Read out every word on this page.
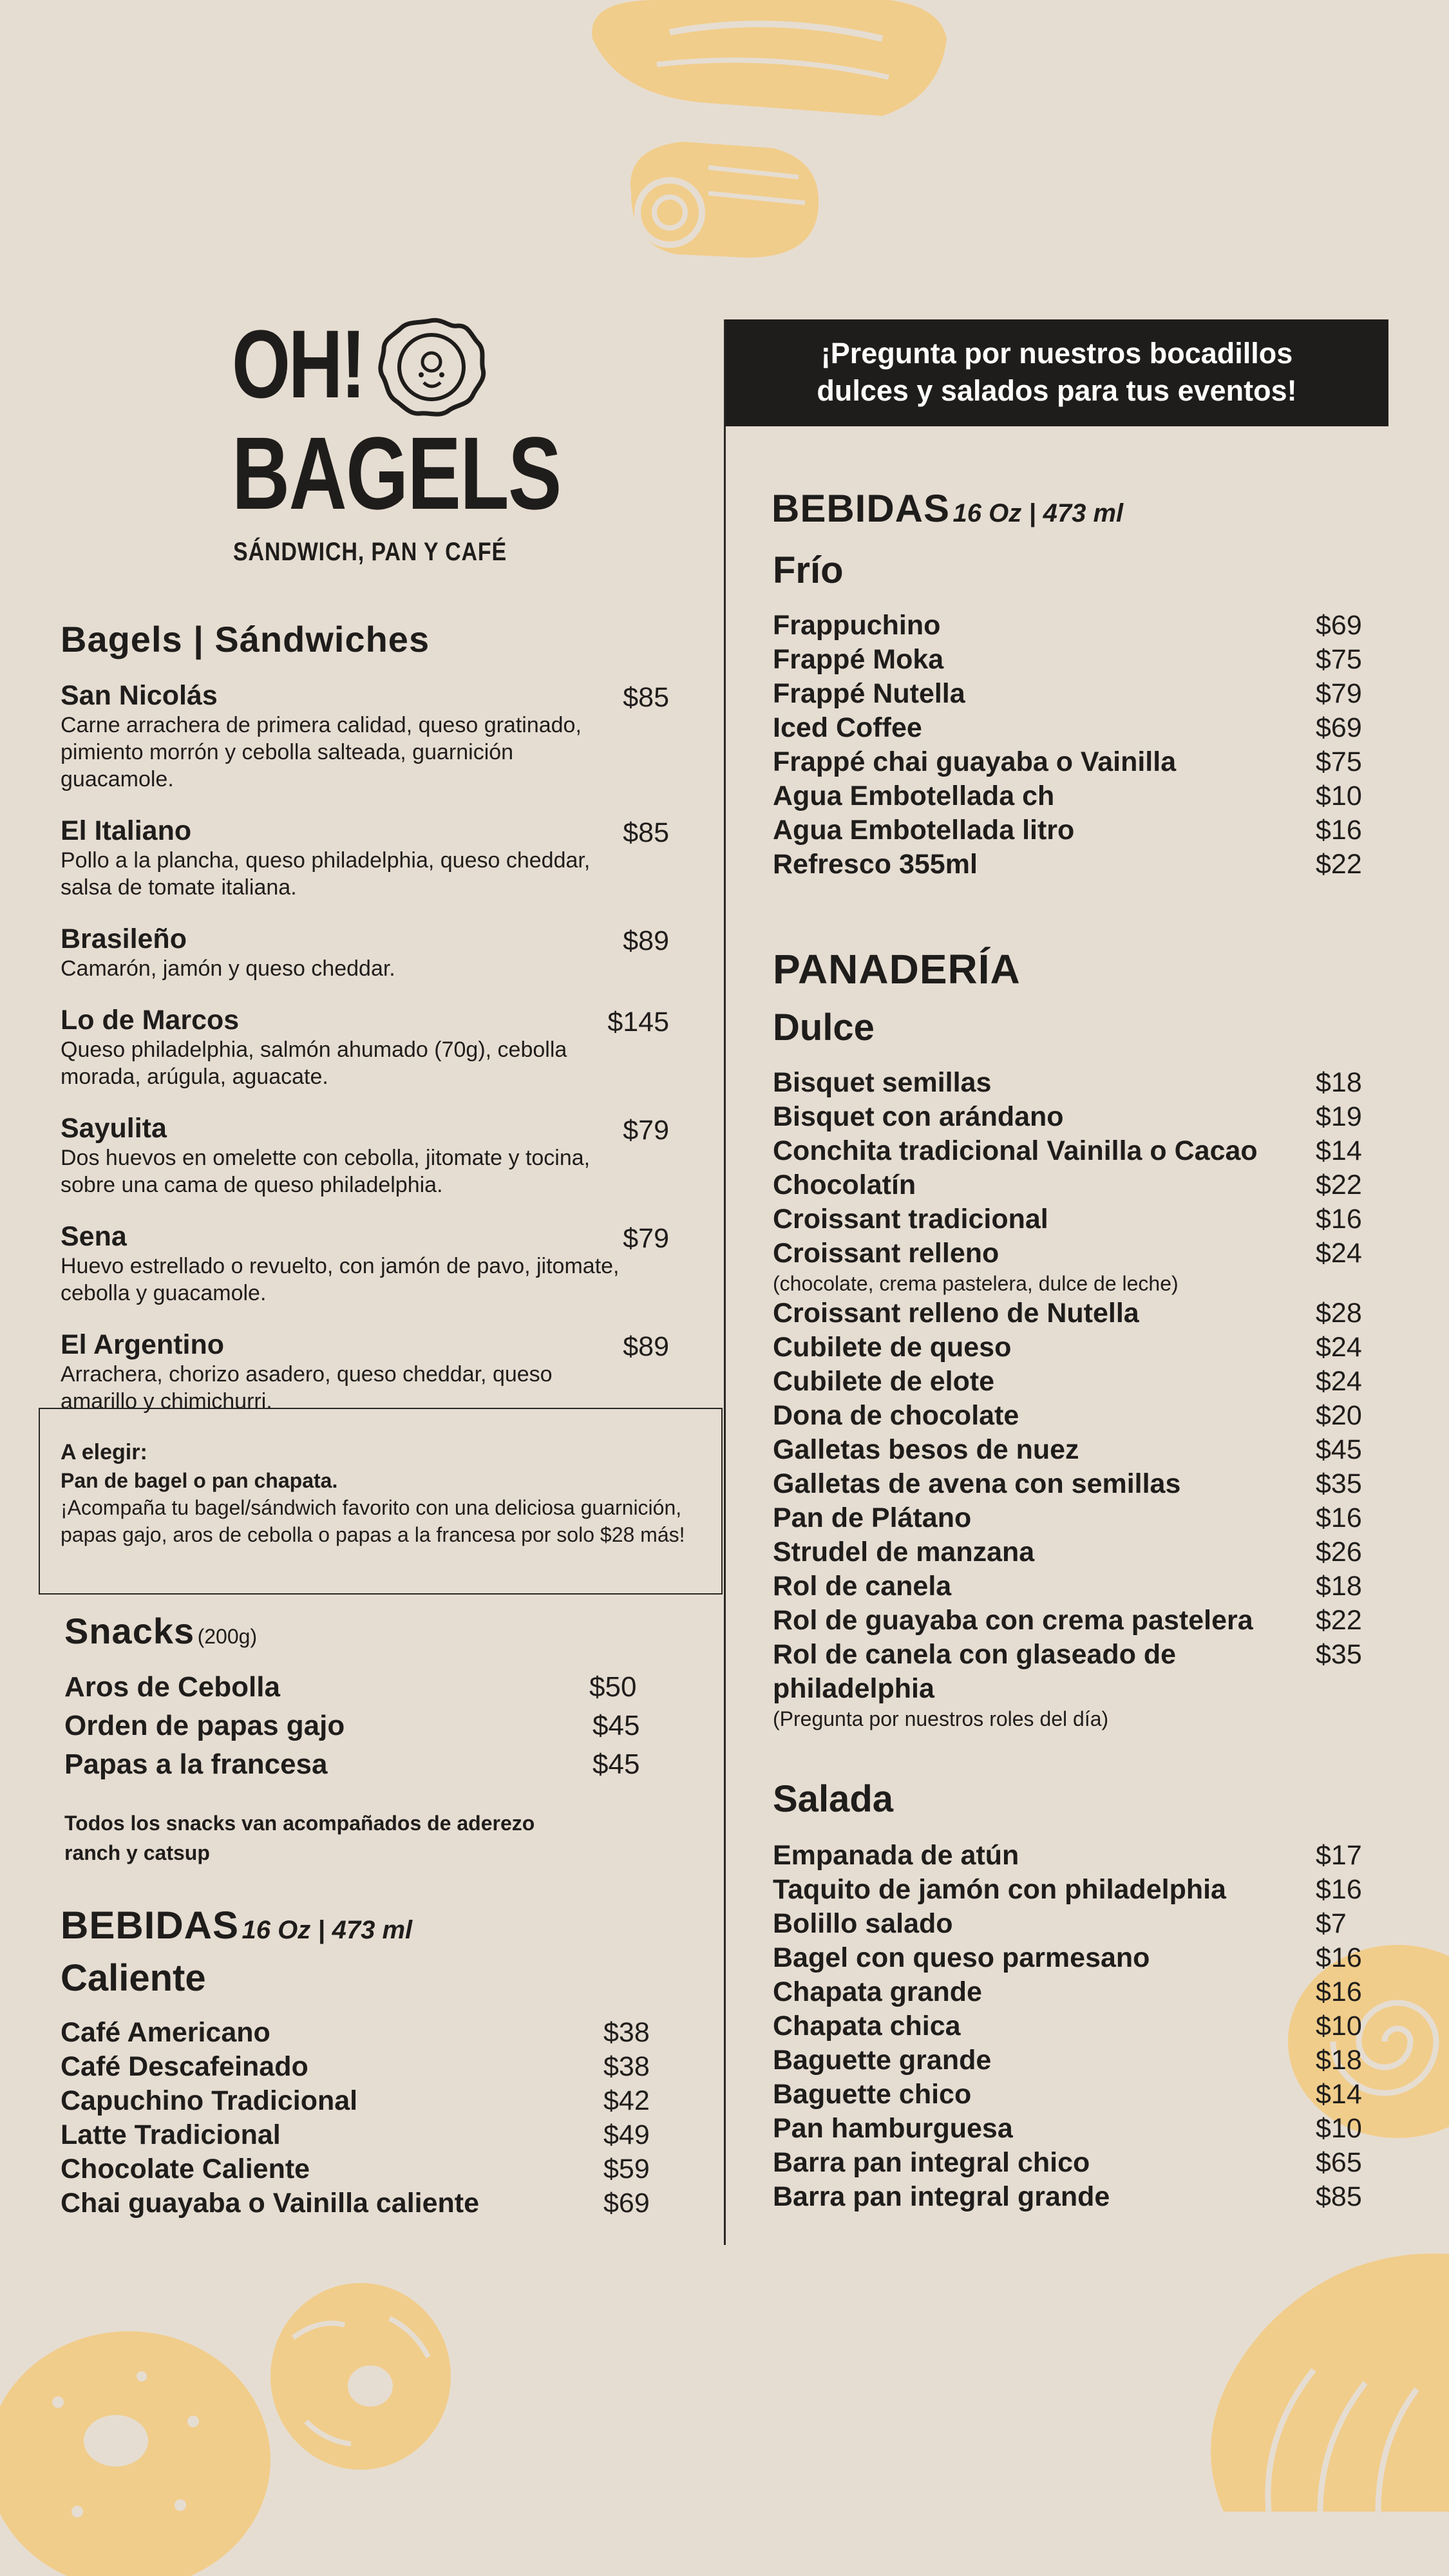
OH!
BAGELS
SÁNDWICH, PAN Y CAFÉ
Bagels | Sándwiches
San Nicolás
Carne arrachera de primera calidad, queso gratinado, pimiento morrón y cebolla salteada, guarnición guacamole.
$85
El Italiano
Pollo a la plancha, queso philadelphia, queso cheddar, salsa de tomate italiana.
$85
Brasileño
Camarón, jamón y queso cheddar.
$89
Lo de Marcos
Queso philadelphia, salmón ahumado (70g), cebolla morada, arúgula, aguacate.
$145
Sayulita
Dos huevos en omelette con cebolla, jitomate y tocina, sobre una cama de queso philadelphia.
$79
Sena
Huevo estrellado o revuelto, con jamón de pavo, jitomate, cebolla y guacamole.
$79
El Argentino
Arrachera, chorizo asadero, queso cheddar, queso amarillo y chimichurri.
$89
A elegir:
Pan de bagel o pan chapata.
¡Acompaña tu bagel/sándwich favorito con una deliciosa guarnición, papas gajo, aros de cebolla o papas a la francesa por solo $28 más!
Snacks (200g)
Aros de Cebolla	$50
Orden de papas gajo	$45
Papas a la francesa	$45
Todos los snacks van acompañados de aderezo ranch y catsup
BEBIDAS 16 Oz | 473 ml
Caliente
Café Americano	$38
Café Descafeinado	$38
Capuchino Tradicional	$42
Latte Tradicional	$49
Chocolate Caliente	$59
Chai guayaba o Vainilla caliente	$69
¡Pregunta por nuestros bocadillos
dulces y salados para tus eventos!
BEBIDAS 16 Oz | 473 ml
Frío
Frappuchino	$69
Frappé Moka	$75
Frappé Nutella	$79
Iced Coffee	$69
Frappé chai guayaba o Vainilla	$75
Agua Embotellada ch	$10
Agua Embotellada litro	$16
Refresco 355ml	$22
PANADERÍA
Dulce
Bisquet semillas	$18
Bisquet con arándano	$19
Conchita tradicional Vainilla o Cacao $14
Chocolatín	$22
Croissant tradicional	$16
Croissant relleno	$24
(chocolate, crema pastelera, dulce de leche)
Croissant relleno de Nutella	$28
Cubilete de queso	$24
Cubilete de elote	$24
Dona de chocolate	$20
Galletas besos de nuez	$45
Galletas de avena con semillas	$35
Pan de Plátano	$16
Strudel de manzana	$26
Rol de canela	$18
Rol de guayaba con crema pastelera $22
Rol de canela con glaseado de philadelphia
$35
(Pregunta por nuestros roles del día)
Salada
Empanada de atún	$17
Taquito de jamón con philadelphia	$16
Bolillo salado	$7
Bagel con queso parmesano	$16
Chapata grande	$16
Chapata chica	$10
Baguette grande	$18
Baguette chico	$14
Pan hamburguesa	$10
Barra pan integral chico	$65
Barra pan integral grande	$85
